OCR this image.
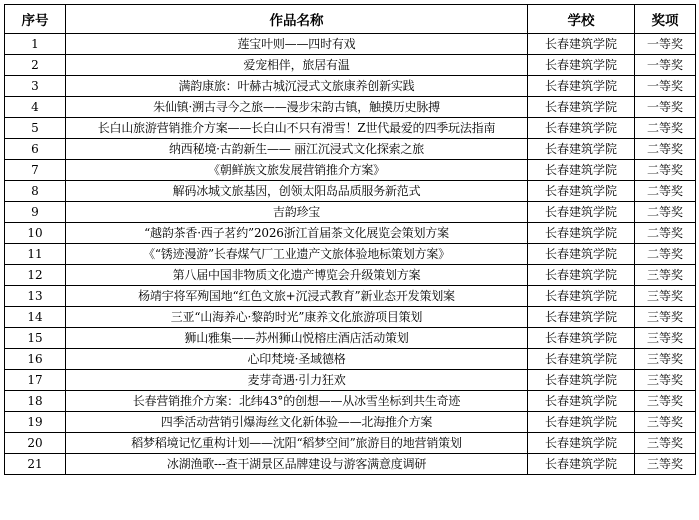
序号	作品名称	学校	奖项
1	莲宝叶则——四时有戏	长春建筑学院	一等奖
2	爱宠相伴，旅居有温	长春建筑学院	一等奖
3	满韵康旅：叶赫古城沉浸式文旅康养创新实践	长春建筑学院	一等奖
4	朱仙镇·溯古寻今之旅——漫步宋韵古镇，触摸历史脉搏	长春建筑学院	一等奖
5	长白山旅游营销推介方案——长白山不只有滑雪！Z世代最爱的四季玩法指南	长春建筑学院	二等奖
6	纳西秘境·古韵新生—— 丽江沉浸式文化探索之旅	长春建筑学院	二等奖
7	《朝鲜族文旅发展营销推介方案》	长春建筑学院	二等奖
8	解码冰城文旅基因，创领太阳岛品质服务新范式	长春建筑学院	二等奖
9	吉韵珍宝	长春建筑学院	二等奖
10	“越韵茶香·西子茗约”2026浙江首届茶文化展览会策划方案	长春建筑学院	二等奖
11	《“锈迹漫游”长春煤气厂工业遗产文旅体验地标策划方案》	长春建筑学院	二等奖
12	第八届中国非物质文化遗产博览会升级策划方案	长春建筑学院	三等奖
13	杨靖宇将军殉国地“红色文旅+沉浸式教育”新业态开发策划案	长春建筑学院	三等奖
14	三亚“山海养心·黎韵时光”康养文化旅游项目策划	长春建筑学院	三等奖
15	狮山雅集——苏州狮山悦榕庄酒店活动策划	长春建筑学院	三等奖
16	心印梵境·圣域德格	长春建筑学院	三等奖
17	麦芽奇遇·引力狂欢	长春建筑学院	三等奖
18	长春营销推介方案：北纬43°的创想——从冰雪坐标到共生奇迹	长春建筑学院	三等奖
19	四季活动营销引爆海丝文化新体验——北海推介方案	长春建筑学院	三等奖
20	稻梦稻境记忆重构计划——沈阳“稻梦空间”旅游目的地营销策划	长春建筑学院	三等奖
21	冰湖渔歌---查干湖景区品牌建设与游客满意度调研	长春建筑学院	三等奖
